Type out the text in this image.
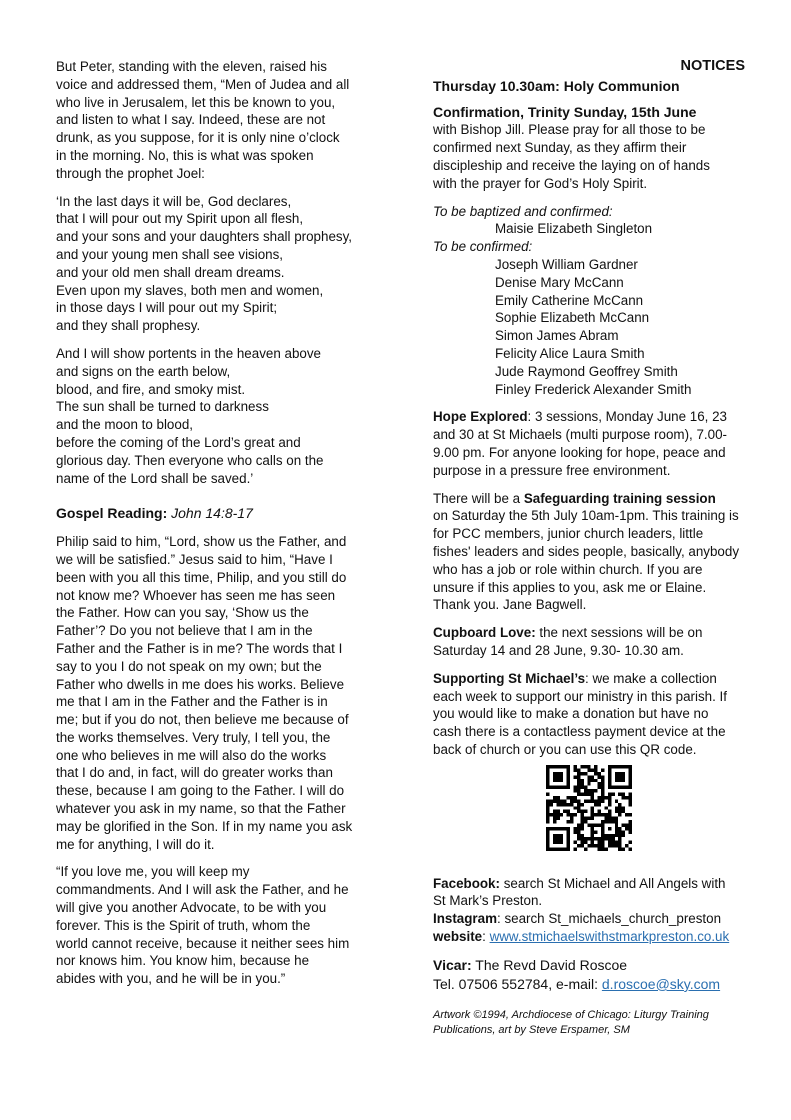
But Peter, standing with the eleven, raised his
voice and addressed them, “Men of Judea and all
who live in Jerusalem, let this be known to you,
and listen to what I say. Indeed, these are not
drunk, as you suppose, for it is only nine o’clock
in the morning. No, this is what was spoken
through the prophet Joel:

‘In the last days it will be, God declares,
that I will pour out my Spirit upon all flesh,
and your sons and your daughters shall prophesy,
and your young men shall see visions,
and your old men shall dream dreams.
Even upon my slaves, both men and women,
in those days I will pour out my Spirit;
and they shall prophesy.

And I will show portents in the heaven above
and signs on the earth below,
blood, and fire, and smoky mist.
The sun shall be turned to darkness
and the moon to blood,
before the coming of the Lord’s great and
glorious day. Then everyone who calls on the
name of the Lord shall be saved.’

Gospel Reading: John 14:8-17

Philip said to him, “Lord, show us the Father, and
we will be satisfied.” Jesus said to him, “Have I
been with you all this time, Philip, and you still do
not know me? Whoever has seen me has seen
the Father. How can you say, ‘Show us the
Father’? Do you not believe that I am in the
Father and the Father is in me? The words that I
say to you I do not speak on my own; but the
Father who dwells in me does his works. Believe
me that I am in the Father and the Father is in
me; but if you do not, then believe me because of
the works themselves. Very truly, I tell you, the
one who believes in me will also do the works
that I do and, in fact, will do greater works than
these, because I am going to the Father. I will do
whatever you ask in my name, so that the Father
may be glorified in the Son. If in my name you ask
me for anything, I will do it.

“If you love me, you will keep my
commandments. And I will ask the Father, and he
will give you another Advocate, to be with you
forever. This is the Spirit of truth, whom the
world cannot receive, because it neither sees him
nor knows him. You know him, because he
abides with you, and he will be in you.”

NOTICES

Thursday 10.30am: Holy Communion

Confirmation, Trinity Sunday, 15th June
with Bishop Jill. Please pray for all those to be
confirmed next Sunday, as they affirm their
discipleship and receive the laying on of hands
with the prayer for God’s Holy Spirit.
To be baptized and confirmed:
Maisie Elizabeth Singleton
To be confirmed:
Joseph William Gardner
Denise Mary McCann
Emily Catherine McCann
Sophie Elizabeth McCann
Simon James Abram
Felicity Alice Laura Smith
Jude Raymond Geoffrey Smith
Finley Frederick Alexander Smith

Hope Explored: 3 sessions, Monday June 16, 23

and 30 at St Michaels (multi purpose room), 7.00-
9.00 pm. For anyone looking for hope, peace and
purpose in a pressure free environment.

There will be a Safeguarding training session
on Saturday the 5th July 10am-1pm. This training is
for PCC members, junior church leaders, little
fishes' leaders and sides people, basically, anybody
who has a job or role within church. If you are
unsure if this applies to you, ask me or Elaine.
Thank you. Jane Bagwell.

Cupboard Love: the next sessions will be on

Saturday 14 and 28 June, 9.30- 10.30 am.

Supporting St Michael’s: we make a collection

each week to support our ministry in this parish. If
you would like to make a donation but have no
cash there is a contactless payment device at the
back of church or you can use this QR code.

Facebook: search St Michael and All Angels with
St Mark’s Preston.
Instagram: search St_michaels_church_preston
website: www.stmichaelswithstmarkpreston.co.uk

Vicar: The Revd David Roscoe
Tel. 07506 552784, e-mail: d.roscoe@sky.com

Artwork ©1994, Archdiocese of Chicago: Liturgy Training
Publications, art by Steve Erspamer, SM
